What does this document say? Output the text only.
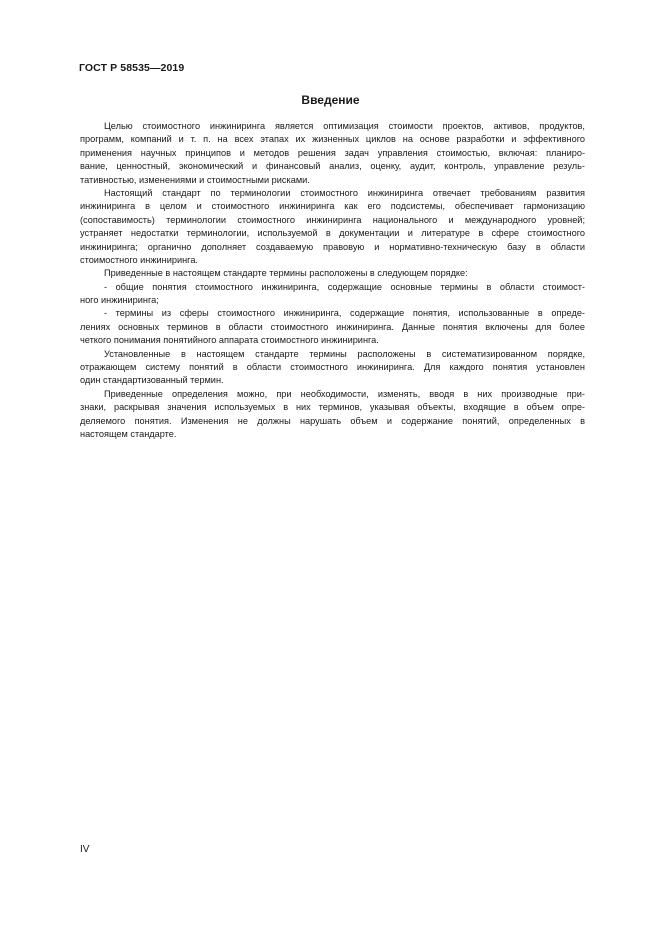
ГОСТ Р 58535—2019
Введение
Целью стоимостного инжиниринга является оптимизация стоимости проектов, активов, продуктов,
программ, компаний и т. п. на всех этапах их жизненных циклов на основе разработки и эффективного
применения научных принципов и методов решения задач управления стоимостью, включая: планиро-
вание, ценностный, экономический и финансовый анализ, оценку, аудит, контроль, управление резуль-
тативностью, изменениями и стоимостными рисками.
Настоящий стандарт по терминологии стоимостного инжиниринга отвечает требованиям развития
инжиниринга в целом и стоимостного инжиниринга как его подсистемы, обеспечивает гармонизацию
(сопоставимость) терминологии стоимостного инжиниринга национального и международного уровней;
устраняет недостатки терминологии, используемой в документации и литературе в сфере стоимостного
инжиниринга; органично дополняет создаваемую правовую и нормативно-техническую базу в области
стоимостного инжиниринга.
Приведенные в настоящем стандарте термины расположены в следующем порядке:
- общие понятия стоимостного инжиниринга, содержащие основные термины в области стоимост-
ного инжиниринга;
- термины из сферы стоимостного инжиниринга, содержащие понятия, использованные в опреде-
лениях основных терминов в области стоимостного инжиниринга. Данные понятия включены для более
четкого понимания понятийного аппарата стоимостного инжиниринга.
Установленные в настоящем стандарте термины расположены в систематизированном порядке,
отражающем систему понятий в области стоимостного инжиниринга. Для каждого понятия установлен
один стандартизованный термин.
Приведенные определения можно, при необходимости, изменять, вводя в них производные при-
знаки, раскрывая значения используемых в них терминов, указывая объекты, входящие в объем опре-
деляемого понятия. Изменения не должны нарушать объем и содержание понятий, определенных в
настоящем стандарте.
IV
